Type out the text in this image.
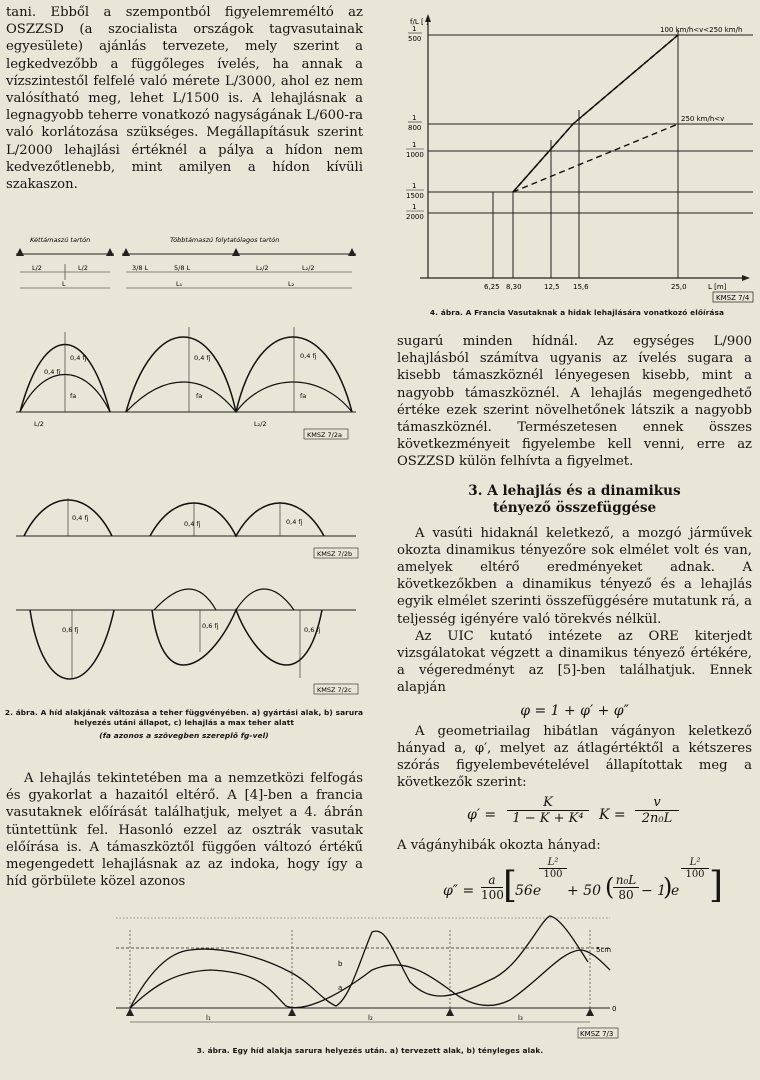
tani. Ebből a szempontból figyelemreméltó az OSZZSD (a szocialista országok tagvasutainak egyesülete) ajánlás tervezete, mely szerint a legkedvezőbb a függőleges ívelés, ha annak a vízszintestől felfelé való mérete L/3000, ahol ez nem valósítható meg, lehet L/1500 is. A lehajlásnak a legnagyobb teherre vonatkozó nagyságának L/600-ra való korlátozása szükséges. Megállapításuk szerint L/2000 lehajlási értéknél a pálya a hídon nem kedvezőtlenebb, mint amilyen a hídon kívüli szakaszon.

f/L [ ]
1
500
1
800
1
1000
1
1500
1
2000
6,25 8,30	12,5 15,6	25,0	L [m]
100 km/h<v<250 km/h
250 km/h<v
KMSZ 7/4
4. ábra. A Francia Vasutaknak a hidak lehajlására vonatkozó előírása

sugarú minden hídnál. Az egységes L/900 lehajlásból számítva ugyanis az ívelés sugara a kisebb támaszköznél lényegesen kisebb, mint a nagyobb támaszköznél. A lehajlás megengedhető értéke ezek szerint növelhetőnek látszik a nagyobb támaszköznél. Természetesen ennek összes következményeit figyelembe kell venni, erre az OSZZSD külön felhívta a figyelmet.

3. A lehajlás és a dinamikus tényező összefüggése

A vasúti hidaknál keletkező, a mozgó járművek okozta dinamikus tényezőre sok elmélet volt és van, amelyek eltérő eredményeket adnak. A következőkben a dinamikus tényező és a lehajlás egyik elmélet szerinti összefüggésére mutatunk rá, a teljesség igényére való törekvés nélkül.

Az UIC kutató intézete az ORE kiterjedt vizsgálatokat végzett a dinamikus tényező értékére, a végeredményt az [5]-ben találhatjuk. Ennek alapján

φ = 1 + φ′ + φ″

A geometriailag hibátlan vágányon keletkező hányad a, φ′, melyet az átlagértéktől a kétszeres szórás figyelembevételével állapítottak meg a következők szerint:

φ′ =
K
1 − K + K⁴	K =
v
2n₀L

A vágányhibák okozta hányad:

φ″ =
a
100 [
56e
L²
100
+ 50 ( n₀L
80 − 1
)
e
L²
100 ]
Kéttámaszú tartón	Többtámaszú folytatólagos tartón
L/2	L/2
L
3/8 L	5/8 L	L₂/2	L₂/2
L₁	L₂
0,4 fj
0,4 fj
0,4 fj	0,4 fj
fa	fa	fa
L/2	L₂/2
KMSZ 7/2a
0,4 fj
0,4 fj	0,4 fj
KMSZ 7/2b
0,6 fj	0,6 fj	0,6 fj
KMSZ 7/2c
2. ábra. A híd alakjának változása a teher függvényében. a) gyártási alak, b) sarura helyezés utáni állapot, c) lehajlás a max teher alatt
(fa azonos a szövegben szereplő fg-vel)

A lehajlás tekintetében ma a nemzetközi felfogás és gyakorlat a hazaitól eltérő. A [4]-ben a francia vasutaknek előírását találhatjuk, melyet a 4. ábrán tüntettünk fel. Hasonló ezzel az osztrák vasutak előírása is. A támaszköztől függően változó értékű megengedett lehajlásnak az az indoka, hogy így a híd görbülete közel azonos

l₁	l₂	l₃
b
a
5cm
0
KMSZ 7/3
3. ábra. Egy híd alakja sarura helyezés után. a) tervezett alak, b) tényleges alak.
